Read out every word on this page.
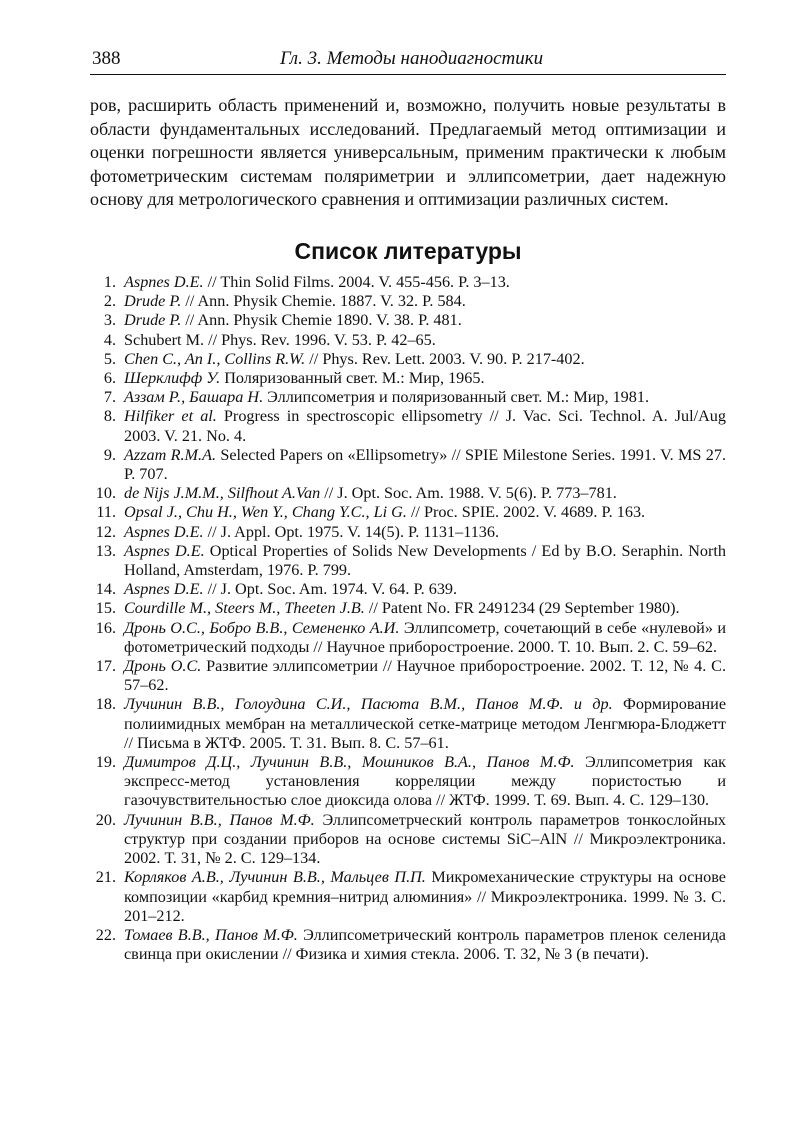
388	Гл. 3. Методы нанодиагностики

ров, расширить область применений и, возможно, получить новые результаты в области фундаментальных исследований. Предлагаемый метод оптимизации и оценки погрешности является универсальным, применим практически к любым фотометрическим системам поляриметрии и эллипсометрии, дает надежную основу для метрологического сравнения и оптимизации различных систем.

Список литературы
1. Aspnes D.E. // Thin Solid Films. 2004. V. 455-456. P. 3–13.
2. Drude P. // Ann. Physik Chemie. 1887. V. 32. P. 584.
3. Drude P. // Ann. Physik Chemie 1890. V. 38. P. 481.
4. Schubert M. // Phys. Rev. 1996. V. 53. P. 42–65.
5. Chen C., An I., Collins R.W. // Phys. Rev. Lett. 2003. V. 90. P. 217-402.
6. Шерклифф У. Поляризованный свет. М.: Мир, 1965.
7. Аззам Р., Башара Н. Эллипсометрия и поляризованный свет. М.: Мир, 1981.
8. Hilfiker et al. Progress in spectroscopic ellipsometry // J. Vac. Sci. Technol. A. Jul/Aug 2003. V. 21. No. 4.
9. Azzam R.M.A. Selected Papers on «Ellipsometry» // SPIE Milestone Series. 1991. V. MS 27. P. 707.
10. de Nijs J.M.M., Silfhout A.Van // J. Opt. Soc. Am. 1988. V. 5(6). P. 773–781.
11. Opsal J., Chu H., Wen Y., Chang Y.C., Li G. // Proc. SPIE. 2002. V. 4689. P. 163.
12. Aspnes D.E. // J. Appl. Opt. 1975. V. 14(5). P. 1131–1136.
13. Aspnes D.E. Optical Properties of Solids New Developments / Ed by B.O. Seraphin. North Holland, Amsterdam, 1976. P. 799.
14. Aspnes D.E. // J. Opt. Soc. Am. 1974. V. 64. P. 639.
15. Courdille M., Steers M., Theeten J.B. // Patent No. FR 2491234 (29 September 1980).
16. Дронь О.С., Бобро В.В., Семененко А.И. Эллипсометр, сочетающий в себе «нулевой» и фотометрический подходы // Научное приборостроение. 2000. Т. 10. Вып. 2. С. 59–62.
17. Дронь О.С. Развитие эллипсометрии // Научное приборостроение. 2002. Т. 12, № 4. С. 57–62.
18. Лучинин В.В., Голоудина С.И., Пасюта В.М., Панов М.Ф. и др. Формирование полиимидных мембран на металлической сетке-матрице методом Ленгмюра-Блоджетт // Письма в ЖТФ. 2005. Т. 31. Вып. 8. С. 57–61.
19. Димитров Д.Ц., Лучинин В.В., Мошников В.А., Панов М.Ф. Эллипсометрия как экспресс-метод установления корреляции между пористостью и газочувствительностью слое диоксида олова // ЖТФ. 1999. Т. 69. Вып. 4. С. 129–130.
20. Лучинин В.В., Панов М.Ф. Эллипсометрческий контроль параметров тонкослойных структур при создании приборов на основе системы SiC–AlN // Микроэлектроника. 2002. Т. 31, № 2. С. 129–134.
21. Корляков А.В., Лучинин В.В., Мальцев П.П. Микромеханические структуры на основе композиции «карбид кремния–нитрид алюминия» // Микроэлектроника. 1999. № 3. С. 201–212.
22. Томаев В.В., Панов М.Ф. Эллипсометрический контроль параметров пленок селенида свинца при окислении // Физика и химия стекла. 2006. Т. 32, № 3 (в печати).
